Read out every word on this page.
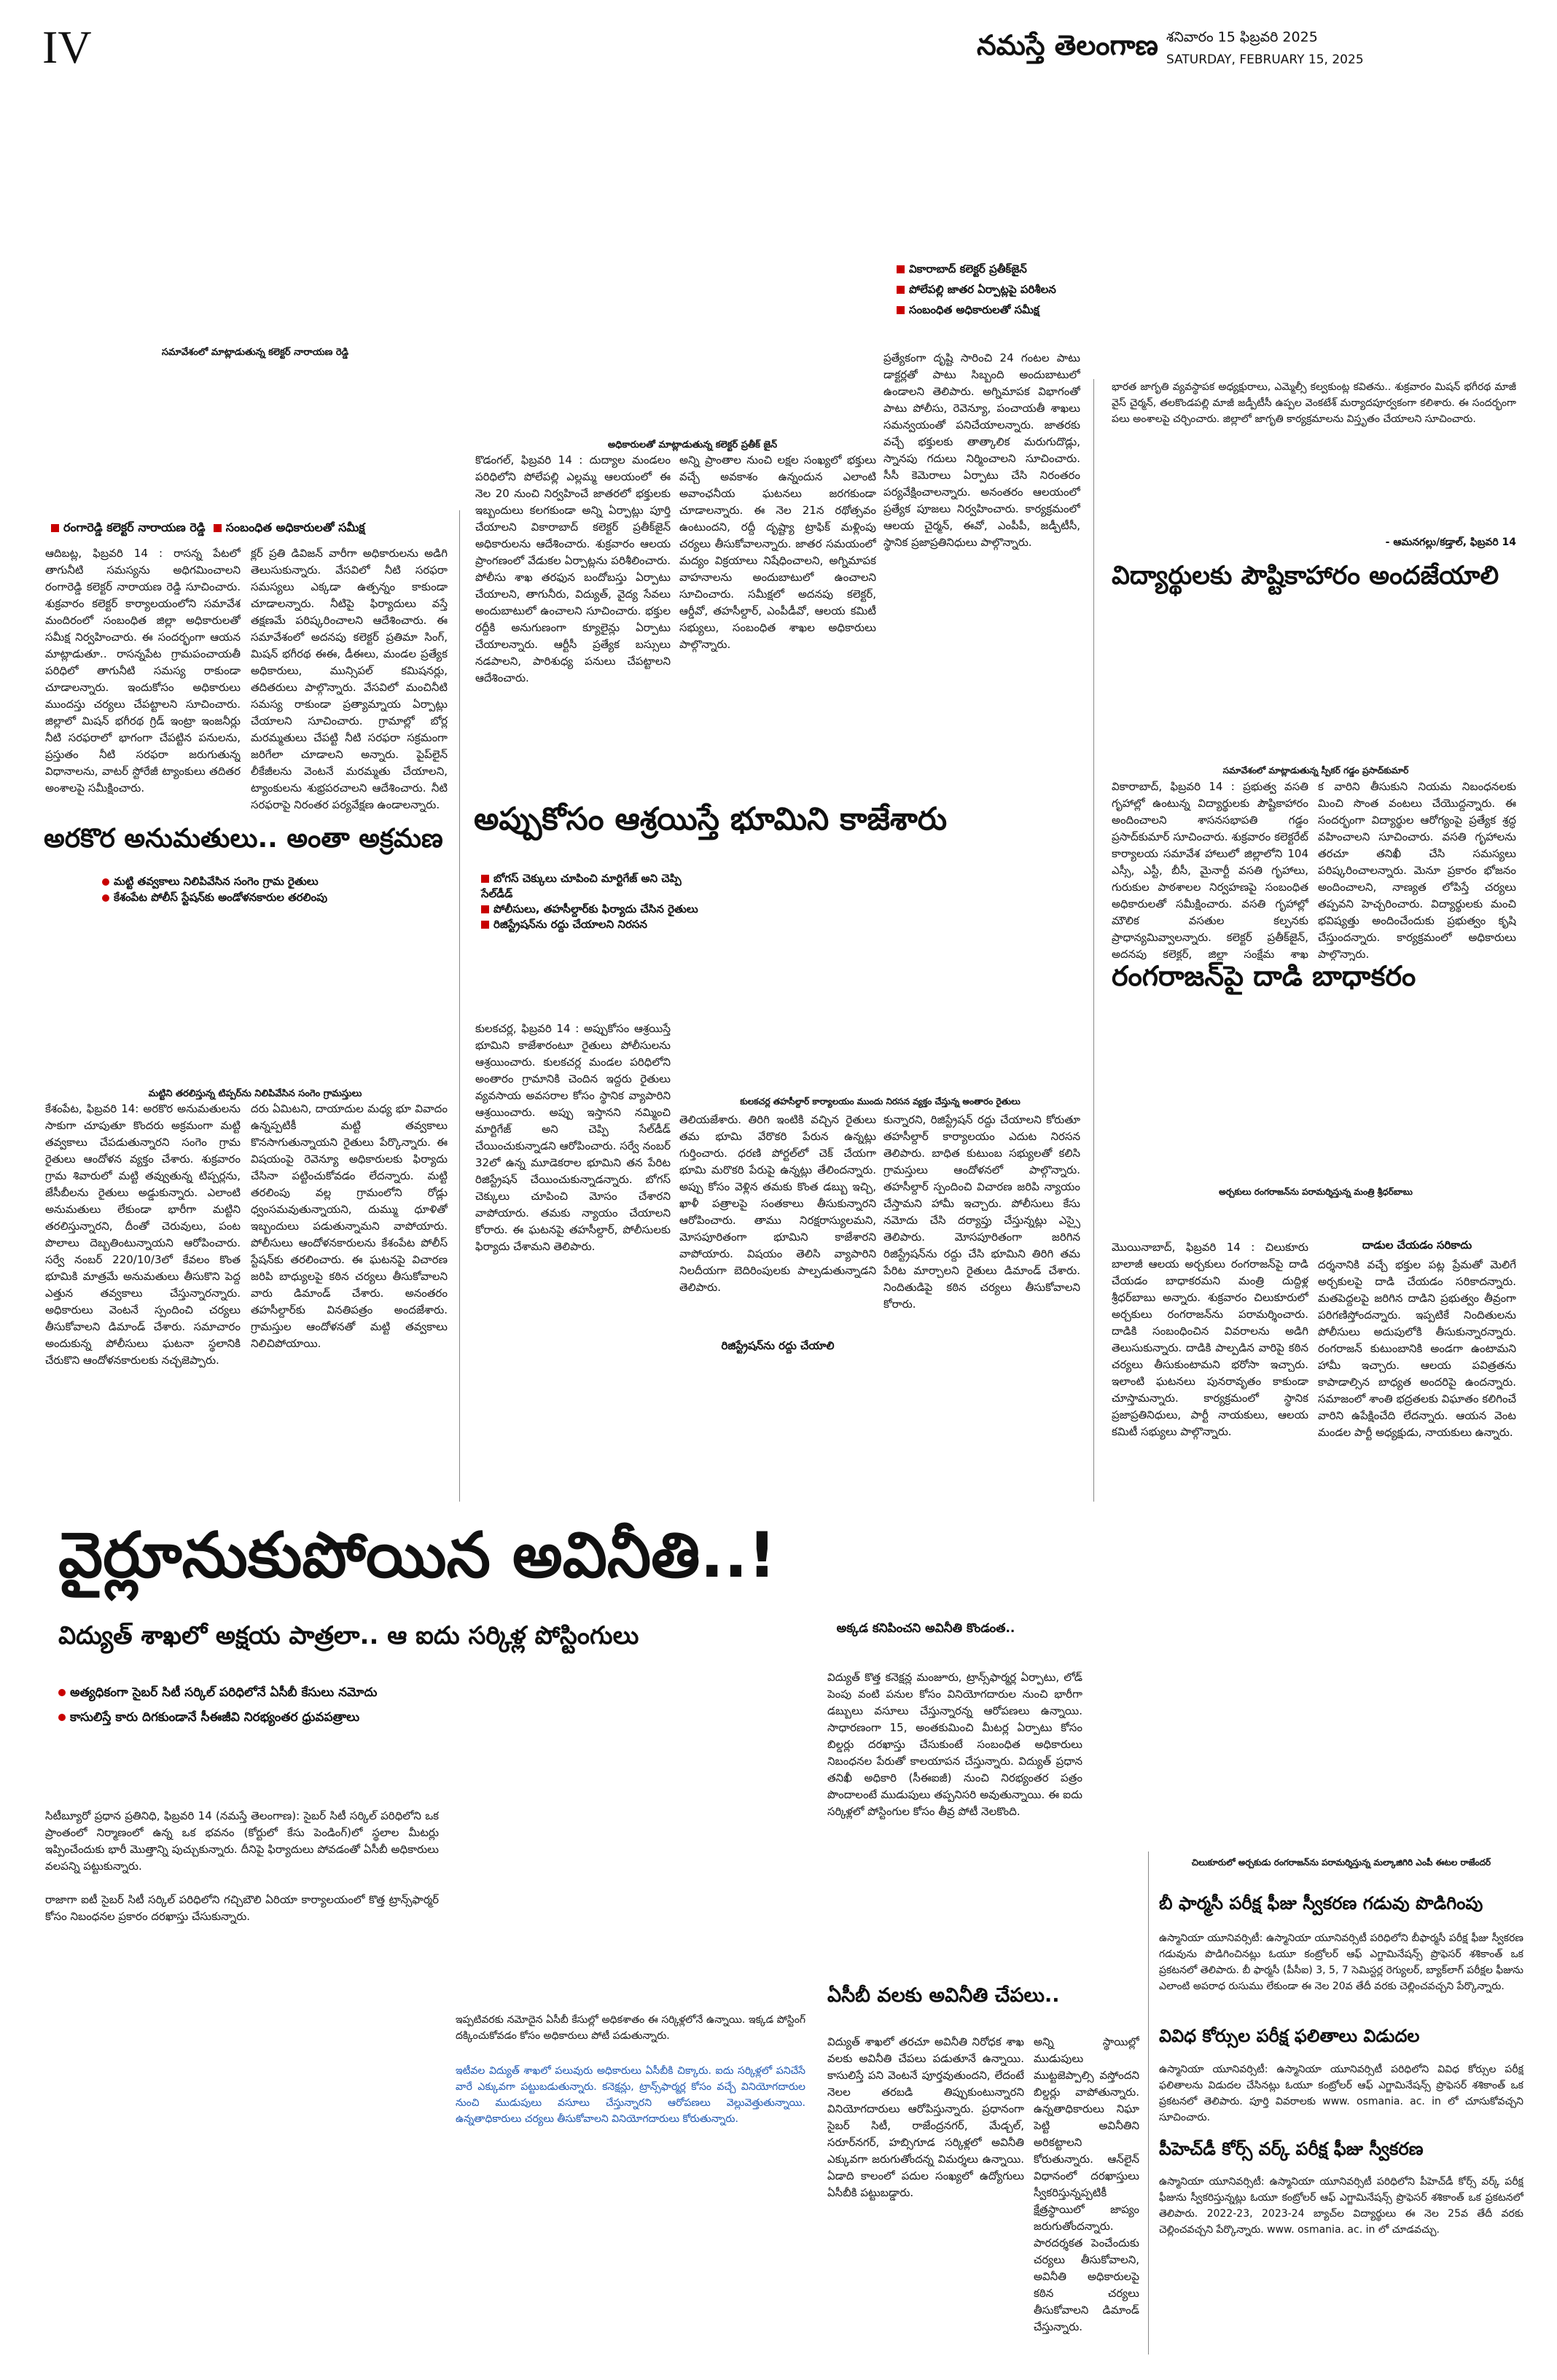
IV	నమస్తే తెలంగాణ శనివారం 15 ఫిబ్రవరి 2025
SATURDAY, FEBRUARY 15, 2025
సమావేశంలో మాట్లాడుతున్న కలెక్టర్‌ నారాయణ రెడ్డి
రంగారెడ్డి కలెక్టర్‌ నారాయణ రెడ్డి సంబంధిత అధికారులతో సమీక్ష
ఆదిబట్ల, ఫిబ్రవరి 14 : రాసన్న పేటలో తాగునీటి సమస్యను అధిగమించాలని రంగారెడ్డి కలెక్టర్‌ నారాయణ రెడ్డి సూచించారు. శుక్రవారం కలెక్టర్‌ కార్యాలయంలోని సమావేశ మందిరంలో సంబంధిత జిల్లా అధికారులతో సమీక్ష నిర్వహించారు. ఈ సందర్భంగా ఆయన మాట్లాడుతూ.. రాసన్నపేట గ్రామపంచాయతీ పరిధిలో తాగునీటి సమస్య రాకుండా చూడాలన్నారు. ఇందుకోసం అధికారులు ముందస్తు చర్యలు చేపట్టాలని సూచించారు. జిల్లాలో మిషన్‌ భగీరథ గ్రిడ్‌ ఇంట్రా ఇంజనీర్లు నీటి సరఫరాలో భాగంగా చేపట్టిన పనులను, ప్రస్తుతం నీటి సరఫరా జరుగుతున్న విధానాలను, వాటర్‌ స్టోరేజీ ట్యాంకులు తదితర అంశాలపై సమీక్షించారు.
క్లర్‌ ప్రతి డివిజన్‌ వారీగా అధికారులను అడిగి తెలుసుకున్నారు. వేసవిలో నీటి సరఫరా సమస్యలు ఎక్కడా ఉత్పన్నం కాకుండా చూడాలన్నారు. నీటిపై ఫిర్యాదులు వస్తే తక్షణమే పరిష్కరించాలని ఆదేశించారు. ఈ సమావేశంలో అదనపు కలెక్టర్‌ ప్రతిమా సింగ్‌, మిషన్‌ భగీరథ ఈఈ, డీఈలు, మండల ప్రత్యేక అధికారులు, మున్సిపల్‌ కమిషనర్లు, తదితరులు పాల్గొన్నారు. వేసవిలో మంచినీటి సమస్య రాకుండా ప్రత్యామ్నాయ ఏర్పాట్లు చేయాలని సూచించారు. గ్రామాల్లో బోర్ల మరమ్మతులు చేపట్టి నీటి సరఫరా సక్రమంగా జరిగేలా చూడాలని అన్నారు. పైప్‌లైన్‌ లీకేజీలను వెంటనే మరమ్మతు చేయాలని, ట్యాంకులను శుభ్రపరచాలని ఆదేశించారు. నీటి సరఫరాపై నిరంతర పర్యవేక్షణ ఉండాలన్నారు.
అరకొర అనుమతులు.. అంతా అక్రమణ
మట్టి తవ్వకాలు నిలిపివేసిన సంగెం గ్రామ రైతులు
కేశంపేట పోలీస్‌ స్టేషన్‌కు అండోళనకారుల తరలింపు
మట్టిని తరలిస్తున్న టిప్పర్‌ను నిలిపివేసిన సంగెం గ్రామస్తులు
కేశంపేట, ఫిబ్రవరి 14: అరకొర అనుమతులను సాకుగా చూపుతూ కొందరు అక్రమంగా మట్టి తవ్వకాలు చేపడుతున్నారని సంగెం గ్రామ రైతులు ఆందోళన వ్యక్తం చేశారు. శుక్రవారం గ్రామ శివారులో మట్టి తవ్వుతున్న టిప్పర్లను, జేసీబీలను రైతులు అడ్డుకున్నారు. ఎలాంటి అనుమతులు లేకుండా భారీగా మట్టిని తరలిస్తున్నారని, దీంతో చెరువులు, పంట పొలాలు దెబ్బతింటున్నాయని ఆరోపించారు. సర్వే నంబర్‌ 220/10/3లో కేవలం కొంత భూమికి మాత్రమే అనుమతులు తీసుకొని పెద్ద ఎత్తున తవ్వకాలు చేస్తున్నారన్నారు. అధికారులు వెంటనే స్పందించి చర్యలు తీసుకోవాలని డిమాండ్‌ చేశారు. సమాచారం అందుకున్న పోలీసులు ఘటనా స్థలానికి చేరుకొని ఆందోళనకారులకు నచ్చజెప్పారు.
దరు ఏమిటని, దాయాదుల మధ్య భూ వివాదం ఉన్నప్పటికీ మట్టి తవ్వకాలు కొనసాగుతున్నాయని రైతులు పేర్కొన్నారు. ఈ విషయంపై రెవెన్యూ అధికారులకు ఫిర్యాదు చేసినా పట్టించుకోవడం లేదన్నారు. మట్టి తరలింపు వల్ల గ్రామంలోని రోడ్లు ధ్వంసమవుతున్నాయని, దుమ్ము ధూళితో ఇబ్బందులు పడుతున్నామని వాపోయారు. పోలీసులు ఆందోళనకారులను కేశంపేట పోలీస్‌ స్టేషన్‌కు తరలించారు. ఈ ఘటనపై విచారణ జరిపి బాధ్యులపై కఠిన చర్యలు తీసుకోవాలని వారు డిమాండ్‌ చేశారు. అనంతరం తహసీల్దార్‌కు వినతిపత్రం అందజేశారు. గ్రామస్తుల ఆందోళనతో మట్టి తవ్వకాలు నిలిచిపోయాయి.
వికారాబాద్‌ కలెక్టర్‌ ప్రతీక్‌జైన్‌
పోలేపల్లి జాతర ఏర్పాట్లపై పరిశీలన
సంబంధిత అధికారులతో సమీక్ష
అధికారులతో మాట్లాడుతున్న కలెక్టర్‌ ప్రతీక్‌ జైన్‌
కొడంగల్‌, ఫిబ్రవరి 14 : దుద్యాల మండలం పరిధిలోని పోలేపల్లి ఎల్లమ్మ ఆలయంలో ఈ నెల 20 నుంచి నిర్వహించే జాతరలో భక్తులకు ఇబ్బందులు కలగకుండా అన్ని ఏర్పాట్లు పూర్తి చేయాలని వికారాబాద్‌ కలెక్టర్‌ ప్రతీక్‌జైన్‌ అధికారులను ఆదేశించారు. శుక్రవారం ఆలయ ప్రాంగణంలో వేడుకల ఏర్పాట్లను పరిశీలించారు. పోలీసు శాఖ తరఫున బందోబస్తు ఏర్పాటు చేయాలని, తాగునీరు, విద్యుత్‌, వైద్య సేవలు అందుబాటులో ఉంచాలని సూచించారు. భక్తుల రద్దీకి అనుగుణంగా క్యూలైన్లు ఏర్పాటు చేయాలన్నారు. ఆర్టీసీ ప్రత్యేక బస్సులు నడపాలని, పారిశుధ్య పనులు చేపట్టాలని ఆదేశించారు.
అన్ని ప్రాంతాల నుంచి లక్షల సంఖ్యలో భక్తులు వచ్చే అవకాశం ఉన్నందున ఎలాంటి అవాంఛనీయ ఘటనలు జరగకుండా చూడాలన్నారు. ఈ నెల 21న రథోత్సవం ఉంటుందని, రద్దీ దృష్ట్యా ట్రాఫిక్‌ మళ్లింపు చర్యలు తీసుకోవాలన్నారు. జాతర సమయంలో మద్యం విక్రయాలు నిషేధించాలని, అగ్నిమాపక వాహనాలను అందుబాటులో ఉంచాలని సూచించారు. సమీక్షలో అదనపు కలెక్టర్‌, ఆర్డీవో, తహసీల్దార్‌, ఎంపీడీవో, ఆలయ కమిటీ సభ్యులు, సంబంధిత శాఖల అధికారులు పాల్గొన్నారు.
ప్రత్యేకంగా దృష్టి సారించి 24 గంటల పాటు డాక్టర్లతో పాటు సిబ్బంది అందుబాటులో ఉండాలని తెలిపారు. అగ్నిమాపక విభాగంతో పాటు పోలీసు, రెవెన్యూ, పంచాయతీ శాఖలు సమన్వయంతో పనిచేయాలన్నారు. జాతరకు వచ్చే భక్తులకు తాత్కాలిక మరుగుదొడ్లు, స్నానపు గదులు నిర్మించాలని సూచించారు. సీసీ కెమెరాలు ఏర్పాటు చేసి నిరంతరం పర్యవేక్షించాలన్నారు. అనంతరం ఆలయంలో ప్రత్యేక పూజలు నిర్వహించారు. కార్యక్రమంలో ఆలయ చైర్మన్‌, ఈవో, ఎంపీపీ, జడ్పీటీసీ, స్థానిక ప్రజాప్రతినిధులు పాల్గొన్నారు.
అప్పుకోసం ఆశ్రయిస్తే భూమిని కాజేశారు
బోగస్‌ చెక్కులు చూపించి మార్టిగేజ్‌ అని చెప్పి సేల్‌డీడ్‌
పోలీసులు, తహసీల్దార్‌కు ఫిర్యాదు చేసిన రైతులు
రిజిస్ట్రేషన్‌ను రద్దు చేయాలని నిరసన
కులకచర్ల, ఫిబ్రవరి 14 : అప్పుకోసం ఆశ్రయిస్తే భూమిని కాజేశారంటూ రైతులు పోలీసులను ఆశ్రయించారు. కులకచర్ల మండల పరిధిలోని అంతారం గ్రామానికి చెందిన ఇద్దరు రైతులు వ్యవసాయ అవసరాల కోసం స్థానిక వ్యాపారిని ఆశ్రయించారు. అప్పు ఇస్తానని నమ్మించి మార్టిగేజ్‌ అని చెప్పి సేల్‌డీడ్‌ చేయించుకున్నాడని ఆరోపించారు. సర్వే నంబర్‌ 32లో ఉన్న మూడెకరాల భూమిని తన పేరిట రిజిస్ట్రేషన్‌ చేయించుకున్నాడన్నారు. బోగస్‌ చెక్కులు చూపించి మోసం చేశారని వాపోయారు. తమకు న్యాయం చేయాలని కోరారు. ఈ ఘటనపై తహసీల్దార్‌, పోలీసులకు ఫిర్యాదు చేశామని తెలిపారు.
కులకచర్ల తహసీల్దార్‌ కార్యాలయం ముందు నిరసన వ్యక్తం చేస్తున్న అంతారం రైతులు
తెలియజేశారు. తిరిగి ఇంటికి వచ్చిన రైతులు తమ భూమి వేరొకరి పేరున ఉన్నట్లు గుర్తించారు. ధరణి పోర్టల్‌లో చెక్‌ చేయగా భూమి మరొకరి పేరుపై ఉన్నట్లు తేలిందన్నారు. అప్పు కోసం వెళ్లిన తమకు కొంత డబ్బు ఇచ్చి, ఖాళీ పత్రాలపై సంతకాలు తీసుకున్నారని ఆరోపించారు. తాము నిరక్షరాస్యులమని, మోసపూరితంగా భూమిని కాజేశారని వాపోయారు. విషయం తెలిసి వ్యాపారిని నిలదీయగా బెదిరింపులకు పాల్పడుతున్నాడని తెలిపారు.
రిజిస్ట్రేషన్‌ను రద్దు చేయాలి
కున్నారని, రిజిస్ట్రేషన్‌ రద్దు చేయాలని కోరుతూ తహసీల్దార్‌ కార్యాలయం ఎదుట నిరసన తెలిపారు. బాధిత కుటుంబ సభ్యులతో కలిసి గ్రామస్తులు ఆందోళనలో పాల్గొన్నారు. తహసీల్దార్‌ స్పందించి విచారణ జరిపి న్యాయం చేస్తామని హామీ ఇచ్చారు. పోలీసులు కేసు నమోదు చేసి దర్యాప్తు చేస్తున్నట్లు ఎస్సై తెలిపారు. మోసపూరితంగా జరిగిన రిజిస్ట్రేషన్‌ను రద్దు చేసి భూమిని తిరిగి తమ పేరిట మార్చాలని రైతులు డిమాండ్‌ చేశారు. నిందితుడిపై కఠిన చర్యలు తీసుకోవాలని కోరారు.
భారత జాగృతి వ్యవస్థాపక అధ్యక్షురాలు, ఎమ్మెల్సీ కల్వకుంట్ల కవితను.. శుక్రవారం మిషన్‌ భగీరథ మాజీ వైస్‌ చైర్మన్‌, తలకొండపల్లి మాజీ జడ్పీటీసీ ఉప్పల వెంకటేశ్‌ మర్యాదపూర్వకంగా కలిశారు. ఈ సందర్భంగా పలు అంశాలపై చర్చించారు. జిల్లాలో జాగృతి కార్యక్రమాలను విస్తృతం చేయాలని సూచించారు.
- ఆమనగల్లు/కడ్తాల్‌, ఫిబ్రవరి 14
విద్యార్థులకు పౌష్టికాహారం అందజేయాలి
సమావేశంలో మాట్లాడుతున్న స్పీకర్‌ గడ్డం ప్రసాద్‌కుమార్‌
వికారాబాద్‌, ఫిబ్రవరి 14 : ప్రభుత్వ వసతి గృహాల్లో ఉంటున్న విద్యార్థులకు పౌష్టికాహారం అందించాలని శాసనసభాపతి గడ్డం ప్రసాద్‌కుమార్‌ సూచించారు. శుక్రవారం కలెక్టరేట్‌ కార్యాలయ సమావేశ హాలులో జిల్లాలోని 104 ఎస్సీ, ఎస్టీ, బీసీ, మైనార్టీ వసతి గృహాలు, గురుకుల పాఠశాలల నిర్వహణపై సంబంధిత అధికారులతో సమీక్షించారు. వసతి గృహాల్లో మౌలిక వసతుల కల్పనకు ప్రాధాన్యమివ్వాలన్నారు. కలెక్టర్‌ ప్రతీక్‌జైన్‌, అదనపు కలెక్టర్‌, జిల్లా సంక్షేమ శాఖ
క వారిని తీసుకుని నియమ నిబంధనలకు మించి సొంత వంటలు చేయొద్దన్నారు. ఈ సందర్భంగా విద్యార్థుల ఆరోగ్యంపై ప్రత్యేక శ్రద్ధ వహించాలని సూచించారు. వసతి గృహాలను తరచూ తనిఖీ చేసి సమస్యలు పరిష్కరించాలన్నారు. మెనూ ప్రకారం భోజనం అందించాలని, నాణ్యత లోపిస్తే చర్యలు తప్పవని హెచ్చరించారు. విద్యార్థులకు మంచి భవిష్యత్తు అందించేందుకు ప్రభుత్వం కృషి చేస్తుందన్నారు. కార్యక్రమంలో అధికారులు పాల్గొన్నారు.
రంగరాజన్‌పై దాడి బాధాకరం
అర్చకులు రంగరాజన్‌ను పరామర్శిస్తున్న మంత్రి శ్రీధర్‌బాబు
దాడుల చేయడం సరికాదు
మొయినాబాద్‌, ఫిబ్రవరి 14 : చిలుకూరు బాలాజీ ఆలయ అర్చకులు రంగరాజన్‌పై దాడి చేయడం బాధాకరమని మంత్రి దుద్దిళ్ల శ్రీధర్‌బాబు అన్నారు. శుక్రవారం చిలుకూరులో అర్చకులు రంగరాజన్‌ను పరామర్శించారు. దాడికి సంబంధించిన వివరాలను అడిగి తెలుసుకున్నారు. దాడికి పాల్పడిన వారిపై కఠిన చర్యలు తీసుకుంటామని భరోసా ఇచ్చారు. ఇలాంటి ఘటనలు పునరావృతం కాకుండా చూస్తామన్నారు. కార్యక్రమంలో స్థానిక ప్రజాప్రతినిధులు, పార్టీ నాయకులు, ఆలయ కమిటీ సభ్యులు పాల్గొన్నారు.
దర్శనానికి వచ్చే భక్తుల పట్ల ప్రేమతో మెలిగే అర్చకులపై దాడి చేయడం సరికాదన్నారు. మతపెద్దలపై జరిగిన దాడిని ప్రభుత్వం తీవ్రంగా పరిగణిస్తోందన్నారు. ఇప్పటికే నిందితులను పోలీసులు అదుపులోకి తీసుకున్నారన్నారు. రంగరాజన్‌ కుటుంబానికి అండగా ఉంటామని హామీ ఇచ్చారు. ఆలయ పవిత్రతను కాపాడాల్సిన బాధ్యత అందరిపై ఉందన్నారు. సమాజంలో శాంతి భద్రతలకు విఘాతం కలిగించే వారిని ఉపేక్షించేది లేదన్నారు. ఆయన వెంట మండల పార్టీ అధ్యక్షుడు, నాయకులు ఉన్నారు.
వైర్లూనుకుపోయిన అవినీతి..!
విద్యుత్‌ శాఖలో అక్షయ పాత్రలా.. ఆ ఐదు సర్కిళ్ల పోస్టింగులు
అత్యధికంగా సైబర్‌ సిటీ సర్కిల్‌ పరిధిలోనే ఏసీబీ కేసులు నమోదు
కాసులిస్తే కారు దిగకుండానే సీఈజీవి నిరభ్యంతర ధ్రువపత్రాలు
సిటీబ్యూరో ప్రధాన ప్రతినిధి, ఫిబ్రవరి 14 (నమస్తే తెలంగాణ): సైబర్‌ సిటీ సర్కిల్‌ పరిధిలోని ఒక ప్రాంతంలో నిర్మాణంలో ఉన్న ఒక భవనం (కోర్టులో కేసు పెండింగ్‌)లో స్థలాల మీటర్లు ఇప్పించేందుకు భారీ మొత్తాన్ని పుచ్చుకున్నారు. దీనిపై ఫిర్యాదులు పోవడంతో ఏసీబీ అధికారులు వలపన్ని పట్టుకున్నారు.

రాజాగా ఐటీ సైబర్‌ సిటీ సర్కిల్‌ పరిధిలోని గచ్చిబౌలి ఏరియా కార్యాలయంలో కొత్త ట్రాన్స్‌ఫార్మర్‌ కోసం నిబంధనల ప్రకారం దరఖాస్తు చేసుకున్నారు.
అక్కడ కనిపించని అవినీతి కొండంత..
విద్యుత్‌ కొత్త కనెక్షన్ల మంజూరు, ట్రాన్స్‌ఫార్మర్ల ఏర్పాటు, లోడ్‌ పెంపు వంటి పనుల కోసం వినియోగదారుల నుంచి భారీగా డబ్బులు వసూలు చేస్తున్నారన్న ఆరోపణలు ఉన్నాయి. సాధారణంగా 15, అంతకుమించి మీటర్ల ఏర్పాటు కోసం బిల్డర్లు దరఖాస్తు చేసుకుంటే సంబంధిత అధికారులు నిబంధనల పేరుతో కాలయాపన చేస్తున్నారు. విద్యుత్‌ ప్రధాన తనిఖీ అధికారి (సీఈఐజీ) నుంచి నిరభ్యంతర పత్రం పొందాలంటే ముడుపులు తప్పనిసరి అవుతున్నాయి. ఈ ఐదు సర్కిళ్లలో పోస్టింగుల కోసం తీవ్ర పోటీ నెలకొంది.
ఇప్పటివరకు నమోదైన ఏసీబీ కేసుల్లో అధికశాతం ఈ సర్కిళ్లలోనే ఉన్నాయి. ఇక్కడ పోస్టింగ్‌ దక్కించుకోవడం కోసం అధికారులు పోటీ పడుతున్నారు.
ఇటీవల విద్యుత్‌ శాఖలో పలువురు అధికారులు ఏసీబీకి చిక్కారు. ఐదు సర్కిళ్లలో పనిచేసే వారే ఎక్కువగా పట్టుబడుతున్నారు. కనెక్షన్లు, ట్రాన్స్‌ఫార్మర్ల కోసం వచ్చే వినియోగదారుల నుంచి ముడుపులు వసూలు చేస్తున్నారని ఆరోపణలు వెల్లువెత్తుతున్నాయి. ఉన్నతాధికారులు చర్యలు తీసుకోవాలని వినియోగదారులు కోరుతున్నారు.
ఏసీబీ వలకు అవినీతి చేపలు..
విద్యుత్‌ శాఖలో తరచూ అవినీతి నిరోధక శాఖ వలకు అవినీతి చేపలు పడుతూనే ఉన్నాయి. కాసులిస్తే పని వెంటనే పూర్తవుతుందని, లేదంటే నెలల తరబడి తిప్పుకుంటున్నారని వినియోగదారులు ఆరోపిస్తున్నారు. ప్రధానంగా సైబర్‌ సిటీ, రాజేంద్రనగర్‌, మేడ్చల్‌, సరూర్‌నగర్‌, హబ్సిగూడ సర్కిళ్లలో అవినీతి ఎక్కువగా జరుగుతోందన్న విమర్శలు ఉన్నాయి. ఏడాది కాలంలో పదుల సంఖ్యలో ఉద్యోగులు ఏసీబీకి పట్టుబడ్డారు.
అన్ని స్థాయిల్లో ముడుపులు ముట్టజెప్పాల్సి వస్తోందని బిల్డర్లు వాపోతున్నారు. ఉన్నతాధికారులు నిఘా పెట్టి అవినీతిని అరికట్టాలని కోరుతున్నారు. ఆన్‌లైన్‌ విధానంలో దరఖాస్తులు స్వీకరిస్తున్నప్పటికీ క్షేత్రస్థాయిలో జాప్యం జరుగుతోందన్నారు. పారదర్శకత పెంచేందుకు చర్యలు తీసుకోవాలని, అవినీతి అధికారులపై కఠిన చర్యలు తీసుకోవాలని డిమాండ్‌ చేస్తున్నారు.
చిలుకూరులో అర్చకుడు రంగరాజన్‌ను పరామర్శిస్తున్న మల్కాజిగిరి ఎంపీ ఈటల రాజేందర్‌
బీ ఫార్మసీ పరీక్ష ఫీజు స్వీకరణ గడువు పొడిగింపు
ఉస్మానియా యూనివర్సిటీ: ఉస్మానియా యూనివర్సిటీ పరిధిలోని బీఫార్మసీ పరీక్ష ఫీజు స్వీకరణ గడువును పొడిగించినట్లు ఓయూ కంట్రోలర్‌ ఆఫ్‌ ఎగ్జామినేషన్స్‌ ప్రొఫెసర్‌ శశికాంత్‌ ఒక ప్రకటనలో తెలిపారు. బీ ఫార్మసీ (పీసీఐ) 3, 5, 7 సెమిస్టర్ల రెగ్యులర్‌, బ్యాక్‌లాగ్‌ పరీక్షల ఫీజును ఎలాంటి అపరాధ రుసుము లేకుండా ఈ నెల 20వ తేదీ వరకు చెల్లించవచ్చని పేర్కొన్నారు.
వివిధ కోర్సుల పరీక్ష ఫలితాలు విడుదల
ఉస్మానియా యూనివర్సిటీ: ఉస్మానియా యూనివర్సిటీ పరిధిలోని వివిధ కోర్సుల పరీక్ష ఫలితాలను విడుదల చేసినట్లు ఓయూ కంట్రోలర్‌ ఆఫ్‌ ఎగ్జామినేషన్స్‌ ప్రొఫెసర్‌ శశికాంత్‌ ఒక ప్రకటనలో తెలిపారు. పూర్తి వివరాలకు www. osmania. ac. in లో చూసుకోవచ్చని సూచించారు.
పీహెచ్‌డీ కోర్స్‌ వర్క్‌ పరీక్ష ఫీజు స్వీకరణ
ఉస్మానియా యూనివర్సిటీ: ఉస్మానియా యూనివర్సిటీ పరిధిలోని పీహెచ్‌డీ కోర్స్‌ వర్క్‌ పరీక్ష ఫీజును స్వీకరిస్తున్నట్లు ఓయూ కంట్రోలర్‌ ఆఫ్‌ ఎగ్జామినేషన్స్‌ ప్రొఫెసర్‌ శశికాంత్‌ ఒక ప్రకటనలో తెలిపారు. 2022-23, 2023-24 బ్యాచ్‌ల విద్యార్థులు ఈ నెల 25వ తేదీ వరకు చెల్లించవచ్చని పేర్కొన్నారు. www. osmania. ac. in లో చూడవచ్చు.
